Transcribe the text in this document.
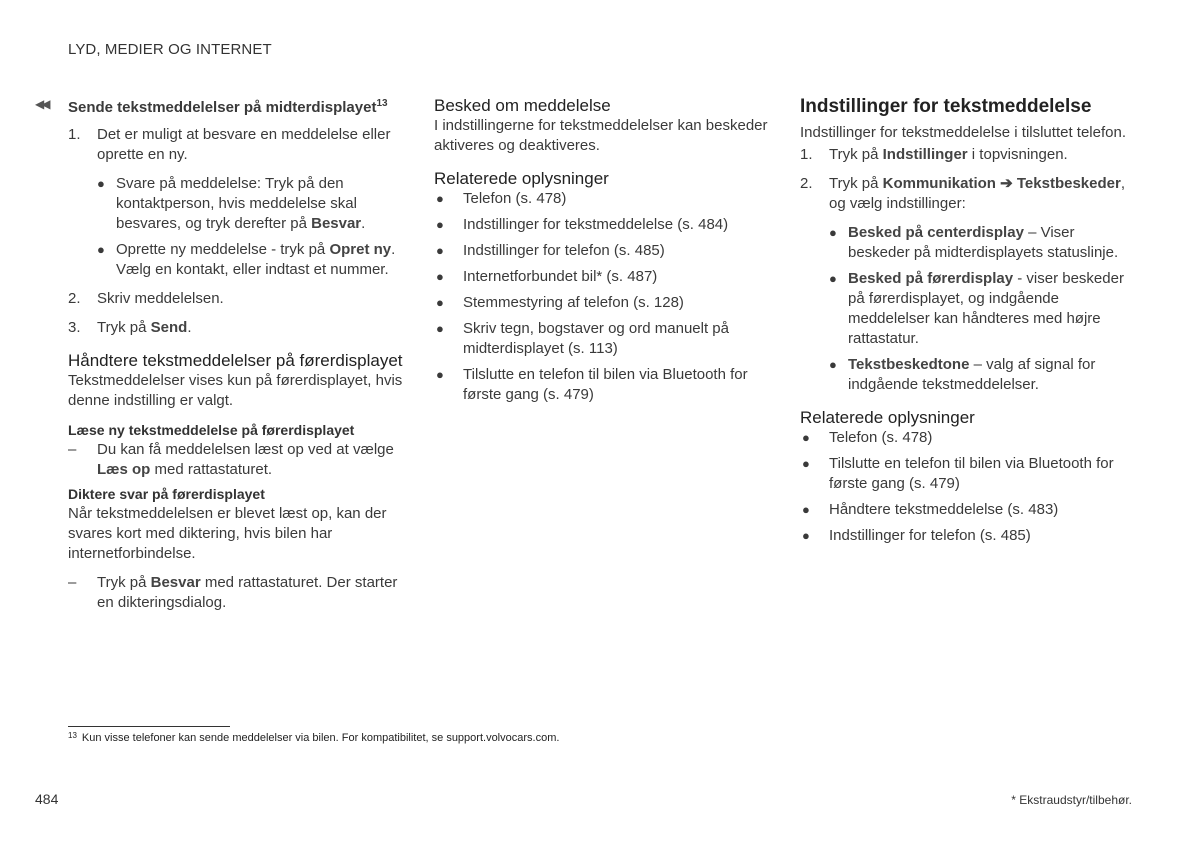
LYD, MEDIER OG INTERNET
◀◀ Sende tekstmeddelelser på midterdisplayet$^{13}$
1. Det er muligt at besvare en meddelelse eller oprette en ny.
● Svare på meddelelse: Tryk på den kontaktperson, hvis meddelelse skal besvares, og tryk derefter på Besvar.
● Oprette ny meddelelse - tryk på Opret ny. Vælg en kontakt, eller indtast et nummer.
2. Skriv meddelelsen.
3. Tryk på Send.
Håndtere tekstmeddelelser på førerdisplayet

Tekstmeddelelser vises kun på førerdisplayet, hvis denne indstilling er valgt.

Læse ny tekstmeddelelse på førerdisplayet
– Du kan få meddelelsen læst op ved at vælge Læs op med rattastaturet.
Diktere svar på førerdisplayet

Når tekstmeddelelsen er blevet læst op, kan der svares kort med diktering, hvis bilen har internetforbindelse.

– Tryk på Besvar med rattastaturet. Der starter en dikteringsdialog.
Besked om meddelelse

I indstillingerne for tekstmeddelelser kan beskeder aktiveres og deaktiveres.

Relaterede oplysninger
● Telefon (s. 478)
● Indstillinger for tekstmeddelelse (s. 484)
● Indstillinger for telefon (s. 485)
● Internetforbundet bil* (s. 487)
● Stemmestyring af telefon (s. 128)
● Skriv tegn, bogstaver og ord manuelt på midterdisplayet (s. 113)
● Tilslutte en telefon til bilen via Bluetooth for første gang (s. 479)
Indstillinger for tekstmeddelelse

Indstillinger for tekstmeddelelse i tilsluttet telefon.

1. Tryk på Indstillinger i topvisningen.
2. Tryk på Kommunikation ➔ Tekstbeskeder, og vælg indstillinger:
● Besked på centerdisplay – Viser beskeder på midterdisplayets statuslinje.
● Besked på førerdisplay - viser beskeder på førerdisplayet, og indgående meddelelser kan håndteres med højre rattastatur.
● Tekstbeskedtone – valg af signal for indgående tekstmeddelelser.
Relaterede oplysninger
● Telefon (s. 478)
● Tilslutte en telefon til bilen via Bluetooth for første gang (s. 479)
● Håndtere tekstmeddelelse (s. 483)
● Indstillinger for telefon (s. 485)
$^{13}$ Kun visse telefoner kan sende meddelelser via bilen. For kompatibilitet, se support.volvocars.com.
484	* Ekstraudstyr/tilbehør.
